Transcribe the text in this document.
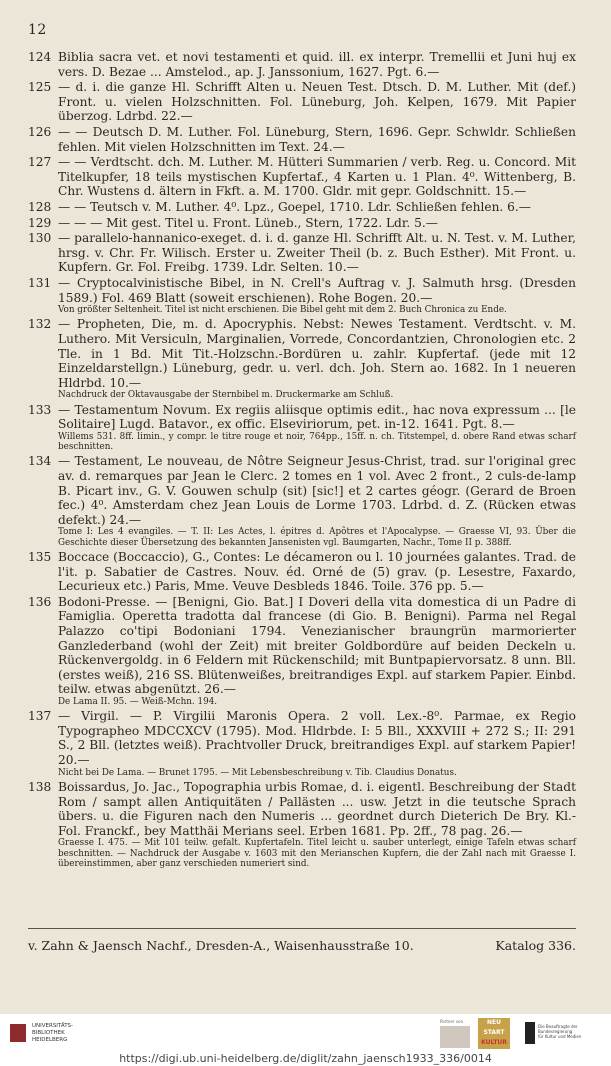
12
124 Biblia sacra vet. et novi testamenti et quid. ill. ex interpr. Tremellii et Juni huj ex vers. D. Bezae ... Amstelod., ap. J. Janssonium, 1627. Pgt. 6.—

125 — d. i. die ganze Hl. Schrifft Alten u. Neuen Test. Dtsch. D. M. Luther. Mit (def.) Front. u. vielen Holzschnitten. Fol. Lüneburg, Joh. Kelpen, 1679. Mit Papier überzog. Ldrbd. 22.—

126 — — Deutsch D. M. Luther. Fol. Lüneburg, Stern, 1696. Gepr. Schwldr. Schließen fehlen. Mit vielen Holzschnitten im Text. 24.—

127 — — Verdtscht. dch. M. Luther. M. Hütteri Summarien / verb. Reg. u. Concord. Mit Titelkupfer, 18 teils mystischen Kupfertaf., 4 Karten u. 1 Plan. 4⁰. Wittenberg, B. Chr. Wustens d. ältern in Fkft. a. M. 1700. Gldr. mit gepr. Goldschnitt. 15.—

128 — — Teutsch v. M. Luther. 4⁰. Lpz., Goepel, 1710. Ldr. Schließen fehlen. 6.—

129 — — — Mit gest. Titel u. Front. Lüneb., Stern, 1722. Ldr. 5.—

130 — parallelo-hannanico-exeget. d. i. d. ganze Hl. Schrifft Alt. u. N. Test. v. M. Luther, hrsg. v. Chr. Fr. Wilisch. Erster u. Zweiter Theil (b. z. Buch Esther). Mit Front. u. Kupfern. Gr. Fol. Freibg. 1739. Ldr. Selten. 10.—

131 — Cryptocalvinistische Bibel, in N. Crell's Auftrag v. J. Salmuth hrsg. (Dresden 1589.) Fol. 469 Blatt (soweit erschienen). Rohe Bogen. 20.—

Von größter Seltenheit. Titel ist nicht erschienen. Die Bibel geht mit dem 2. Buch Chronica zu Ende.

132 — Propheten, Die, m. d. Apocryphis. Nebst: Newes Testament. Verdtscht. v. M. Luthero. Mit Versiculn, Marginalien, Vorrede, Concordantzien, Chronologien etc. 2 Tle. in 1 Bd. Mit Tit.-Holzschn.-Bordüren u. zahlr. Kupfertaf. (jede mit 12 Einzeldarstellgn.) Lüneburg, gedr. u. verl. dch. Joh. Stern ao. 1682. In 1 neueren Hldrbd. 10.—

Nachdruck der Oktavausgabe der Sternbibel m. Druckermarke am Schluß.

133 — Testamentum Novum. Ex regiis aliisque optimis edit., hac nova expressum ... [le Solitaire] Lugd. Batavor., ex offic. Elseviriorum, pet. in-12. 1641. Pgt. 8.—

Willems 531. 8ff. limin., y compr. le titre rouge et noir, 764pp., 15ff. n. ch. Titstempel, d. obere Rand etwas scharf beschnitten.

134 — Testament, Le nouveau, de Nôtre Seigneur Jesus-Christ, trad. sur l'original grec av. d. remarques par Jean le Clerc. 2 tomes en 1 vol. Avec 2 front., 2 culs-de-lamp B. Picart inv., G. V. Gouwen schulp (sit) [sic!] et 2 cartes géogr. (Gerard de Broen fec.) 4⁰. Amsterdam chez Jean Louis de Lorme 1703. Ldrbd. d. Z. (Rücken etwas defekt.) 24.—

Tome I: Les 4 evangiles. — T. II: Les Actes, l. épitres d. Apôtres et l'Apocalypse. — Graesse VI, 93. Über die Geschichte dieser Übersetzung des bekannten Jansenisten vgl. Baumgarten, Nachr., Tome II p. 388ff.

135 Boccace (Boccaccio), G., Contes: Le décameron ou l. 10 journées galantes. Trad. de l'it. p. Sabatier de Castres. Nouv. éd. Orné de (5) grav. (p. Lesestre, Faxardo, Lecurieux etc.) Paris, Mme. Veuve Desbleds 1846. Toile. 376 pp. 5.—

136 Bodoni-Presse. — [Benigni, Gio. Bat.] I Doveri della vita domestica di un Padre di Famiglia. Operetta tradotta dal francese (di Gio. B. Benigni). Parma nel Regal Palazzo co'tipi Bodoniani 1794. Venezianischer braungrün marmorierter Ganzlederband (wohl der Zeit) mit breiter Goldbordüre auf beiden Deckeln u. Rückenvergoldg. in 6 Feldern mit Rückenschild; mit Buntpapiervorsatz. 8 unn. Bll. (erstes weiß), 216 SS. Blütenweißes, breitrandiges Expl. auf starkem Papier. Einbd. teilw. etwas abgenützt. 26.—

De Lama II. 95. — Weiß-Mchn. 194.

137 — Virgil. — P. Virgilii Maronis Opera. 2 voll. Lex.-8⁰. Parmae, ex Regio Typographeo MDCCXCV (1795). Mod. Hldrbde. I: 5 Bll., XXXVIII + 272 S.; II: 291 S., 2 Bll. (letztes weiß). Prachtvoller Druck, breitrandiges Expl. auf starkem Papier! 20.—

Nicht bei De Lama. — Brunet 1795. — Mit Lebensbeschreibung v. Tib. Claudius Donatus.

138 Boissardus, Jo. Jac., Topographia urbis Romae, d. i. eigentl. Beschreibung der Stadt Rom / sampt allen Antiquitäten / Pallästen ... usw. Jetzt in die teutsche Sprach übers. u. die Figuren nach den Numeris ... geordnet durch Dieterich De Bry. Kl.-Fol. Franckf., bey Matthäi Merians seel. Erben 1681. Pp. 2ff., 78 pag. 26.—

Graesse I. 475. — Mit 101 teilw. gefalt. Kupfertafeln. Titel leicht u. sauber unterlegt, einige Tafeln etwas scharf beschnitten. — Nachdruck der Ausgabe v. 1603 mit den Merianschen Kupfern, die der Zahl nach mit Graesse I. übereinstimmen, aber ganz verschieden numeriert sind.

v. Zahn & Jaensch Nachf., Dresden-A., Waisenhausstraße 10.	Katalog 336.
UNIVERSITÄTS-
BIBLIOTHEK
HEIDELBERG
Partner von	NEU
START
KULTUR
Die Beauftragte der Bundesregierung
für Kultur und Medien
https://digi.ub.uni-heidelberg.de/diglit/zahn_jaensch1933_336/0014
